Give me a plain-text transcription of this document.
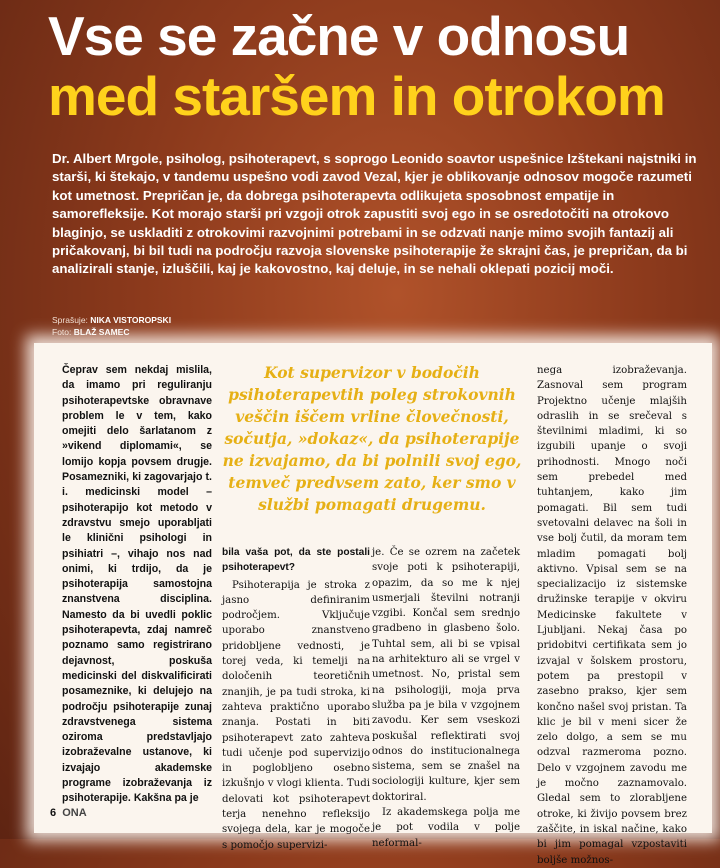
Vse se začne v odnosu
med staršem in otrokom

Dr. Albert Mrgole, psiholog, psihoterapevt, s soprogo Leonido soavtor uspešnice Izštekani najstniki in starši, ki štekajo, v tandemu uspešno vodi zavod Vezal, kjer je oblikovanje odnosov mogoče razumeti kot umetnost. Prepričan je, da dobrega psihoterapevta odlikujeta sposobnost empatije in samorefleksije. Kot morajo starši pri vzgoji otrok zapustiti svoj ego in se osredotočiti na otrokovo blaginjo, se uskladiti z otrokovimi razvojnimi potrebami in se odzvati nanje mimo svojih fantazij ali pričakovanj, bi bil tudi na področju razvoja slovenske psihoterapije že skrajni čas, je prepričan, da bi analizirali stanje, izluščili, kaj je kakovostno, kaj deluje, in se nehali oklepati pozicij moči.

Sprašuje: NIKA VISTOROPSKI
Foto: BLAŽ SAMEC

Čeprav sem nekdaj mislila, da imamo pri reguliranju psihoterapevtske obravnave problem le v tem, kako omejiti delo šarlatanom z »vikend diplomami«, se lomijo kopja povsem drugje. Posamezniki, ki zagovarjajo t. i. medicinski model – psihoterapijo kot metodo v zdravstvu smejo uporabljati le klinični psihologi in psihiatri –, vihajo nos nad onimi, ki trdijo, da je psihoterapija samostojna znanstvena disciplina. Namesto da bi uvedli poklic psihoterapevta, zdaj namreč poznamo samo registrirano dejavnost, poskuša medicinski del diskvalificirati posameznike, ki delujejo na področju psihoterapije zunaj zdravstvenega sistema oziroma predstavljajo izobraževalne ustanove, ki izvajajo akademske programe izobraževanja iz psihoterapije. Kakšna pa je

Kot supervizor v bodočih psihoterapevtih poleg strokovnih veščin iščem vrline človečnosti, sočutja, »dokaz«, da psihoterapije ne izvajamo, da bi polnili svoj ego, temveč predvsem zato, ker smo v službi pomagati drugemu.
bila vaša pot, da ste postali psihoterapevt?

Psihoterapija je stroka z jasno definiranim področjem. Vključuje uporabo znanstveno pridobljene vednosti, je torej veda, ki temelji na določenih teoretičnih znanjih, je pa tudi stroka, ki zahteva praktično uporabo znanja. Postati in biti psihoterapevt zato zahteva tudi učenje pod supervizijo in poglobljeno osebno izkušnjo v vlogi klienta. Tudi delovati kot psihoterapevt terja nenehno refleksijo svojega dela, kar je mogoče s pomočjo supervizi-

je. Če se ozrem na začetek svoje poti k psihoterapiji, opazim, da so me k njej usmerjali številni notranji vzgibi. Končal sem srednjo gradbeno in glasbeno šolo. Tuhtal sem, ali bi se vpisal na arhitekturo ali se vrgel v umetnost. No, pristal sem na psihologiji, moja prva služba pa je bila v vzgojnem zavodu. Ker sem vseskozi poskušal reflektirati svoj odnos do institucionalnega sistema, sem se znašel na sociologiji kulture, kjer sem doktoriral.

Iz akademskega polja me je pot vodila v polje neformal-

nega izobraževanja. Zasnoval sem program Projektno učenje mlajših odraslih in se srečeval s številnimi mladimi, ki so izgubili upanje o svoji prihodnosti. Mnogo noči sem prebedel med tuhtanjem, kako jim pomagati. Bil sem tudi svetovalni delavec na šoli in vse bolj čutil, da moram tem mladim pomagati bolj aktivno. Vpisal sem se na specializacijo iz sistemske družinske terapije v okviru Medicinske fakultete v Ljubljani. Nekaj časa po pridobitvi certifikata sem jo izvajal v šolskem prostoru, potem pa prestopil v zasebno prakso, kjer sem končno našel svoj pristan. Ta klic je bil v meni sicer že zelo dolgo, a sem se mu odzval razmeroma pozno. Delo v vzgojnem zavodu me je močno zaznamovalo. Gledal sem to zlorabljene otroke, ki živijo povsem brez zaščite, in iskal načine, kako bi jim pomagal vzpostaviti boljše možnos-

6 ONA
